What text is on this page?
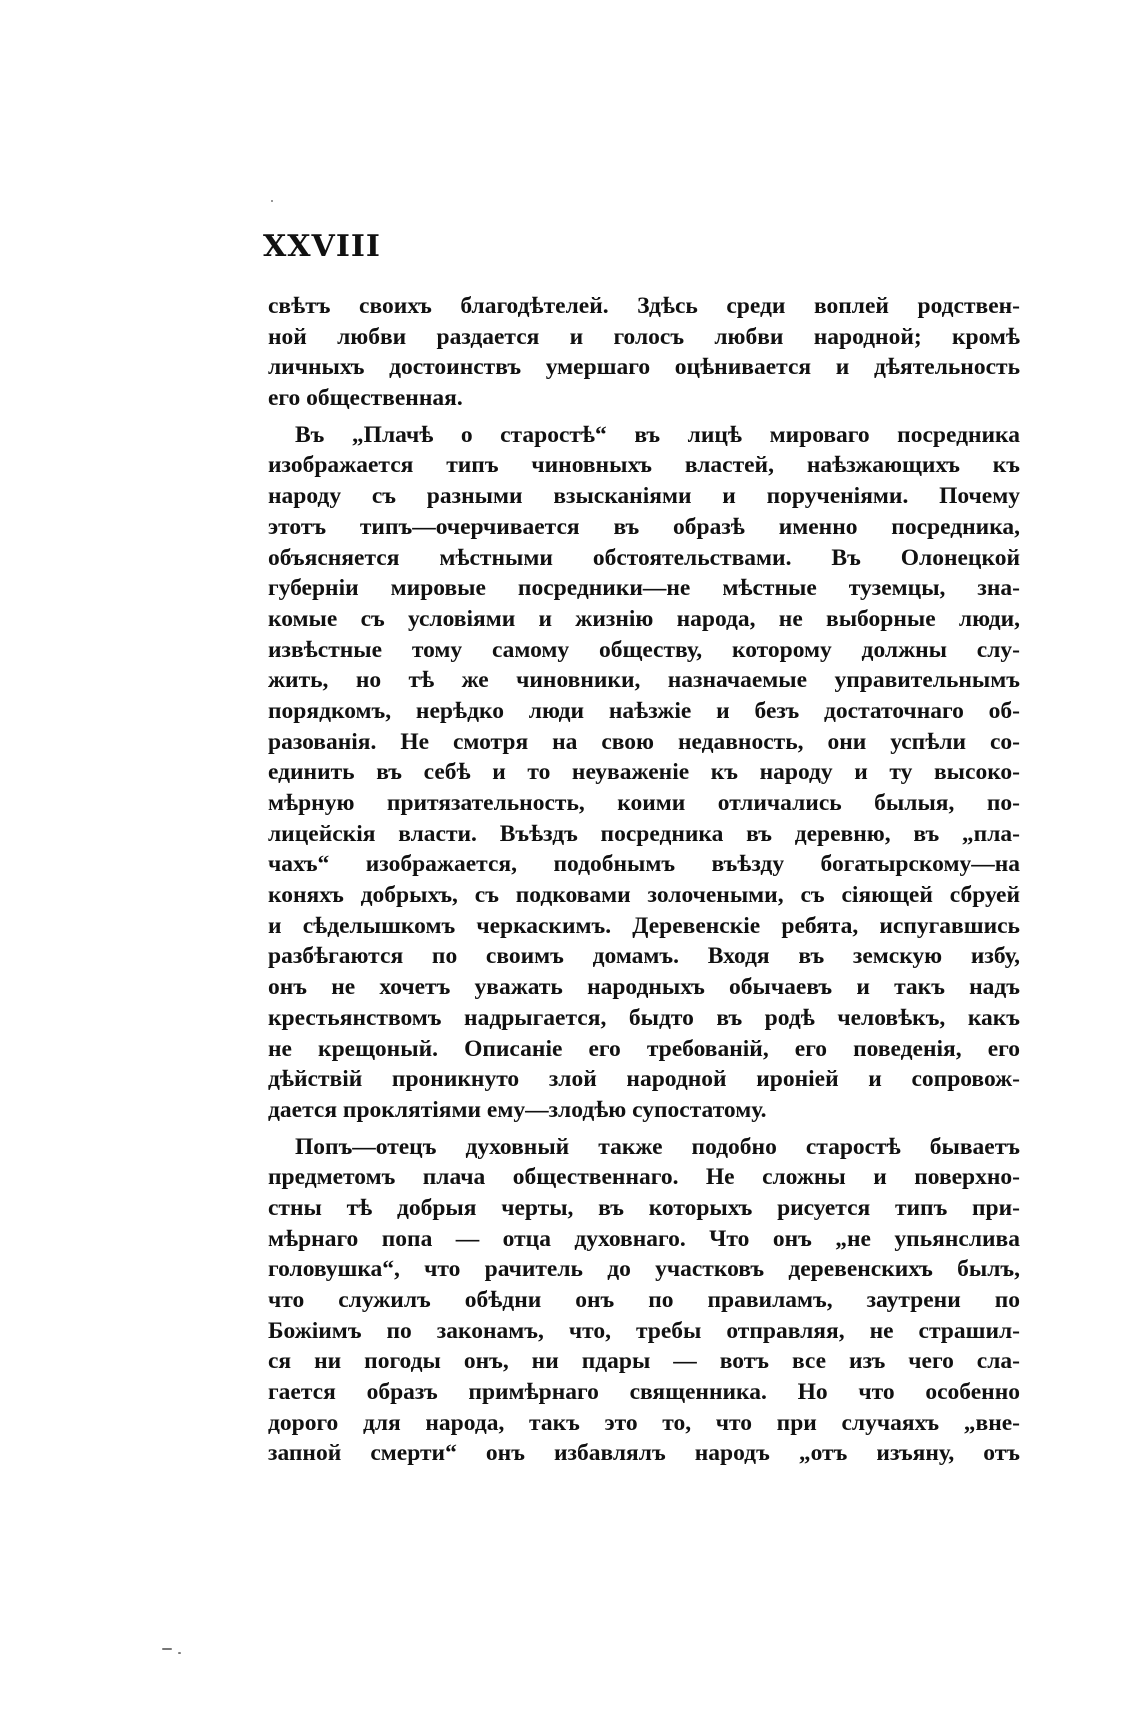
XXVIII
свѣтъ своихъ благодѣтелей. Здѣсь среди воплей родствен-
ной любви раздается и голосъ любви народной; кромѣ
личныхъ достоинствъ умершаго оцѣнивается и дѣятельность
его общественная.
Въ „Плачѣ о старостѣ“ въ лицѣ мироваго посредника
изображается типъ чиновныхъ властей, наѣзжающихъ къ
народу съ разными взысканіями и порученіями. Почему
этотъ типъ—очерчивается въ образѣ именно посредника,
объясняется мѣстными обстоятельствами. Въ Олонецкой
губерніи мировые посредники—не мѣстные туземцы, зна-
комые съ условіями и жизнію народа, не выборные люди,
извѣстные тому самому обществу, которому должны слу-
жить, но тѣ же чиновники, назначаемые управительнымъ
порядкомъ, нерѣдко люди наѣзжіе и безъ достаточнаго об-
разованія. Не смотря на свою недавность, они успѣли со-
единить въ себѣ и то неуваженіе къ народу и ту высоко-
мѣрную притязательность, коими отличались былыя, по-
лицейскія власти. Въѣздъ посредника въ деревню, въ „пла-
чахъ“ изображается, подобнымъ въѣзду богатырскому—на
коняхъ добрыхъ, съ подковами золочеными, съ сіяющей сбруей
и сѣделышкомъ черкаскимъ. Деревенскіе ребята, испугавшись
разбѣгаются по своимъ домамъ. Входя въ земскую избу,
онъ не хочетъ уважать народныхъ обычаевъ и такъ надъ
крестьянствомъ надрыгается, быдто въ родѣ человѣкъ, какъ
не крещоный. Описаніе его требованій, его поведенія, его
дѣйствій проникнуто злой народной ироніей и сопровож-
дается проклятіями ему—злодѣю супостатому.
Попъ—отецъ духовный также подобно старостѣ бываетъ
предметомъ плача общественнаго. Не сложны и поверхно-
стны тѣ добрыя черты, въ которыхъ рисуется типъ при-
мѣрнаго попа — отца духовнаго. Что онъ „не упьянслива
головушка“, что рачитель до участковъ деревенскихъ былъ,
что служилъ обѣдни онъ по правиламъ, заутрени по
Божіимъ по законамъ, что, требы отправляя, не страшил-
ся ни погоды онъ, ни пдары — вотъ все изъ чего сла-
гается образъ примѣрнаго священника. Но что особенно
дорого для народа, такъ это то, что при случаяхъ „вне-
запной смерти“ онъ избавлялъ народъ „отъ изъяну, отъ
